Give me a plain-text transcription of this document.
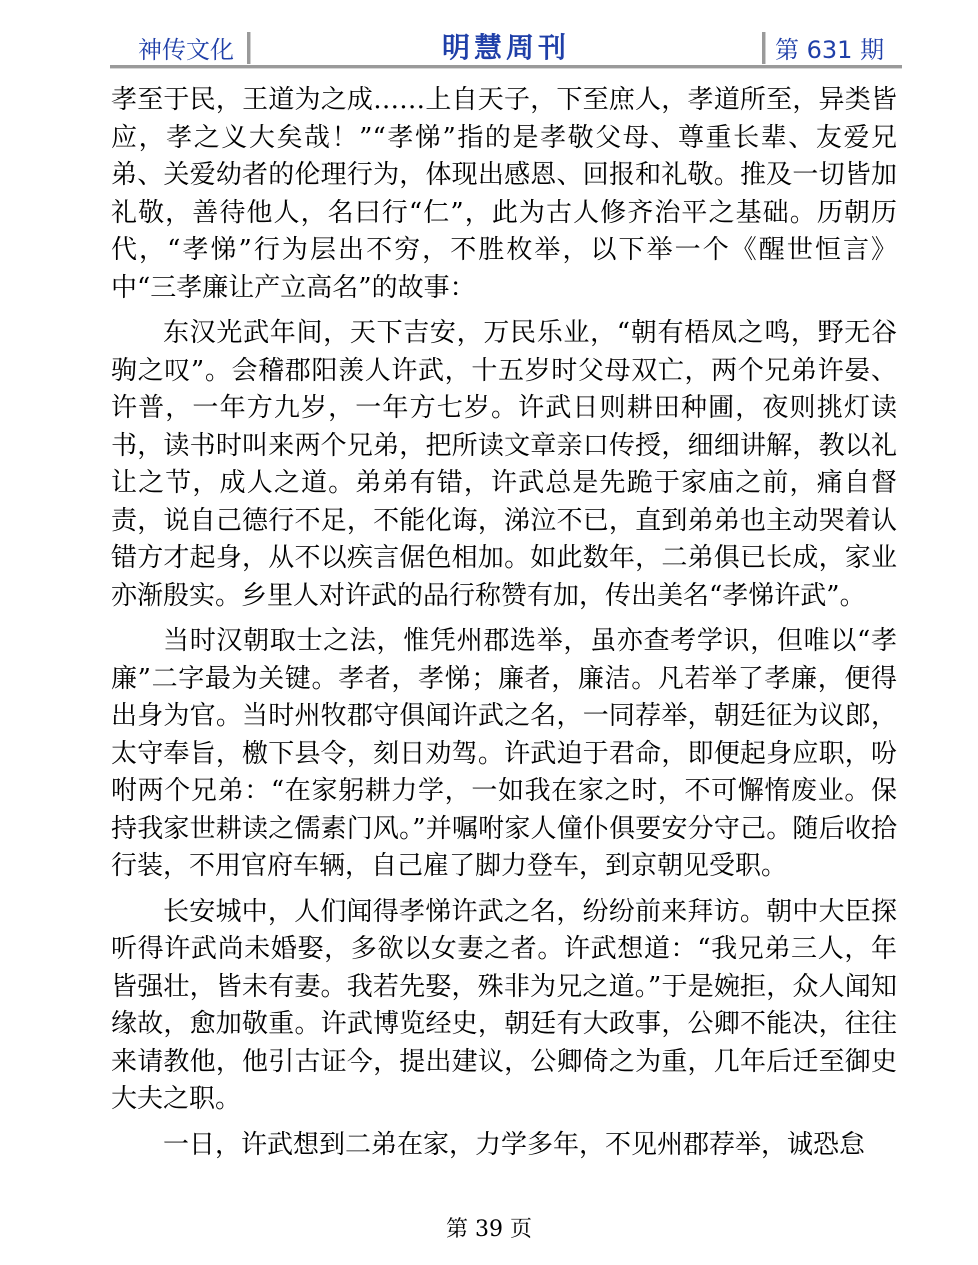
神传文化	明慧周刊	第 631 期

孝至于民，王道为之成……上自天子，下至庶人，孝道所至，异类皆应，孝之义大矣哉！”“孝悌”指的是孝敬父母、尊重长辈、友爱兄弟、关爱幼者的伦理行为，体现出感恩、回报和礼敬。推及一切皆加礼敬，善待他人，名曰行“仁”，此为古人修齐治平之基础。历朝历代，“孝悌”行为层出不穷，不胜枚举，以下举一个《醒世恒言》中“三孝廉让产立高名”的故事：

东汉光武年间，天下吉安，万民乐业，“朝有梧凤之鸣，野无谷驹之叹”。会稽郡阳羡人许武，十五岁时父母双亡，两个兄弟许晏、许普，一年方九岁，一年方七岁。许武日则耕田种圃，夜则挑灯读书，读书时叫来两个兄弟，把所读文章亲口传授，细细讲解，教以礼让之节，成人之道。弟弟有错，许武总是先跪于家庙之前，痛自督责，说自己德行不足，不能化诲，涕泣不已，直到弟弟也主动哭着认错方才起身，从不以疾言倨色相加。如此数年，二弟俱已长成，家业亦渐殷实。乡里人对许武的品行称赞有加，传出美名“孝悌许武”。

当时汉朝取士之法，惟凭州郡选举，虽亦查考学识，但唯以“孝廉”二字最为关键。孝者，孝悌；廉者，廉洁。凡若举了孝廉，便得出身为官。当时州牧郡守俱闻许武之名，一同荐举，朝廷征为议郎，太守奉旨，檄下县令，刻日劝驾。许武迫于君命，即便起身应职，吩咐两个兄弟：“在家躬耕力学，一如我在家之时，不可懈惰废业。保持我家世耕读之儒素门风。”并嘱咐家人僮仆俱要安分守己。随后收拾行装，不用官府车辆，自己雇了脚力登车，到京朝见受职。

长安城中，人们闻得孝悌许武之名，纷纷前来拜访。朝中大臣探听得许武尚未婚娶，多欲以女妻之者。许武想道：“我兄弟三人，年皆强壮，皆未有妻。我若先娶，殊非为兄之道。”于是婉拒，众人闻知缘故，愈加敬重。许武博览经史，朝廷有大政事，公卿不能决，往往来请教他，他引古证今，提出建议，公卿倚之为重，几年后迁至御史大夫之职。

一日，许武想到二弟在家，力学多年，不见州郡荐举，诚恐怠

第 39 页
